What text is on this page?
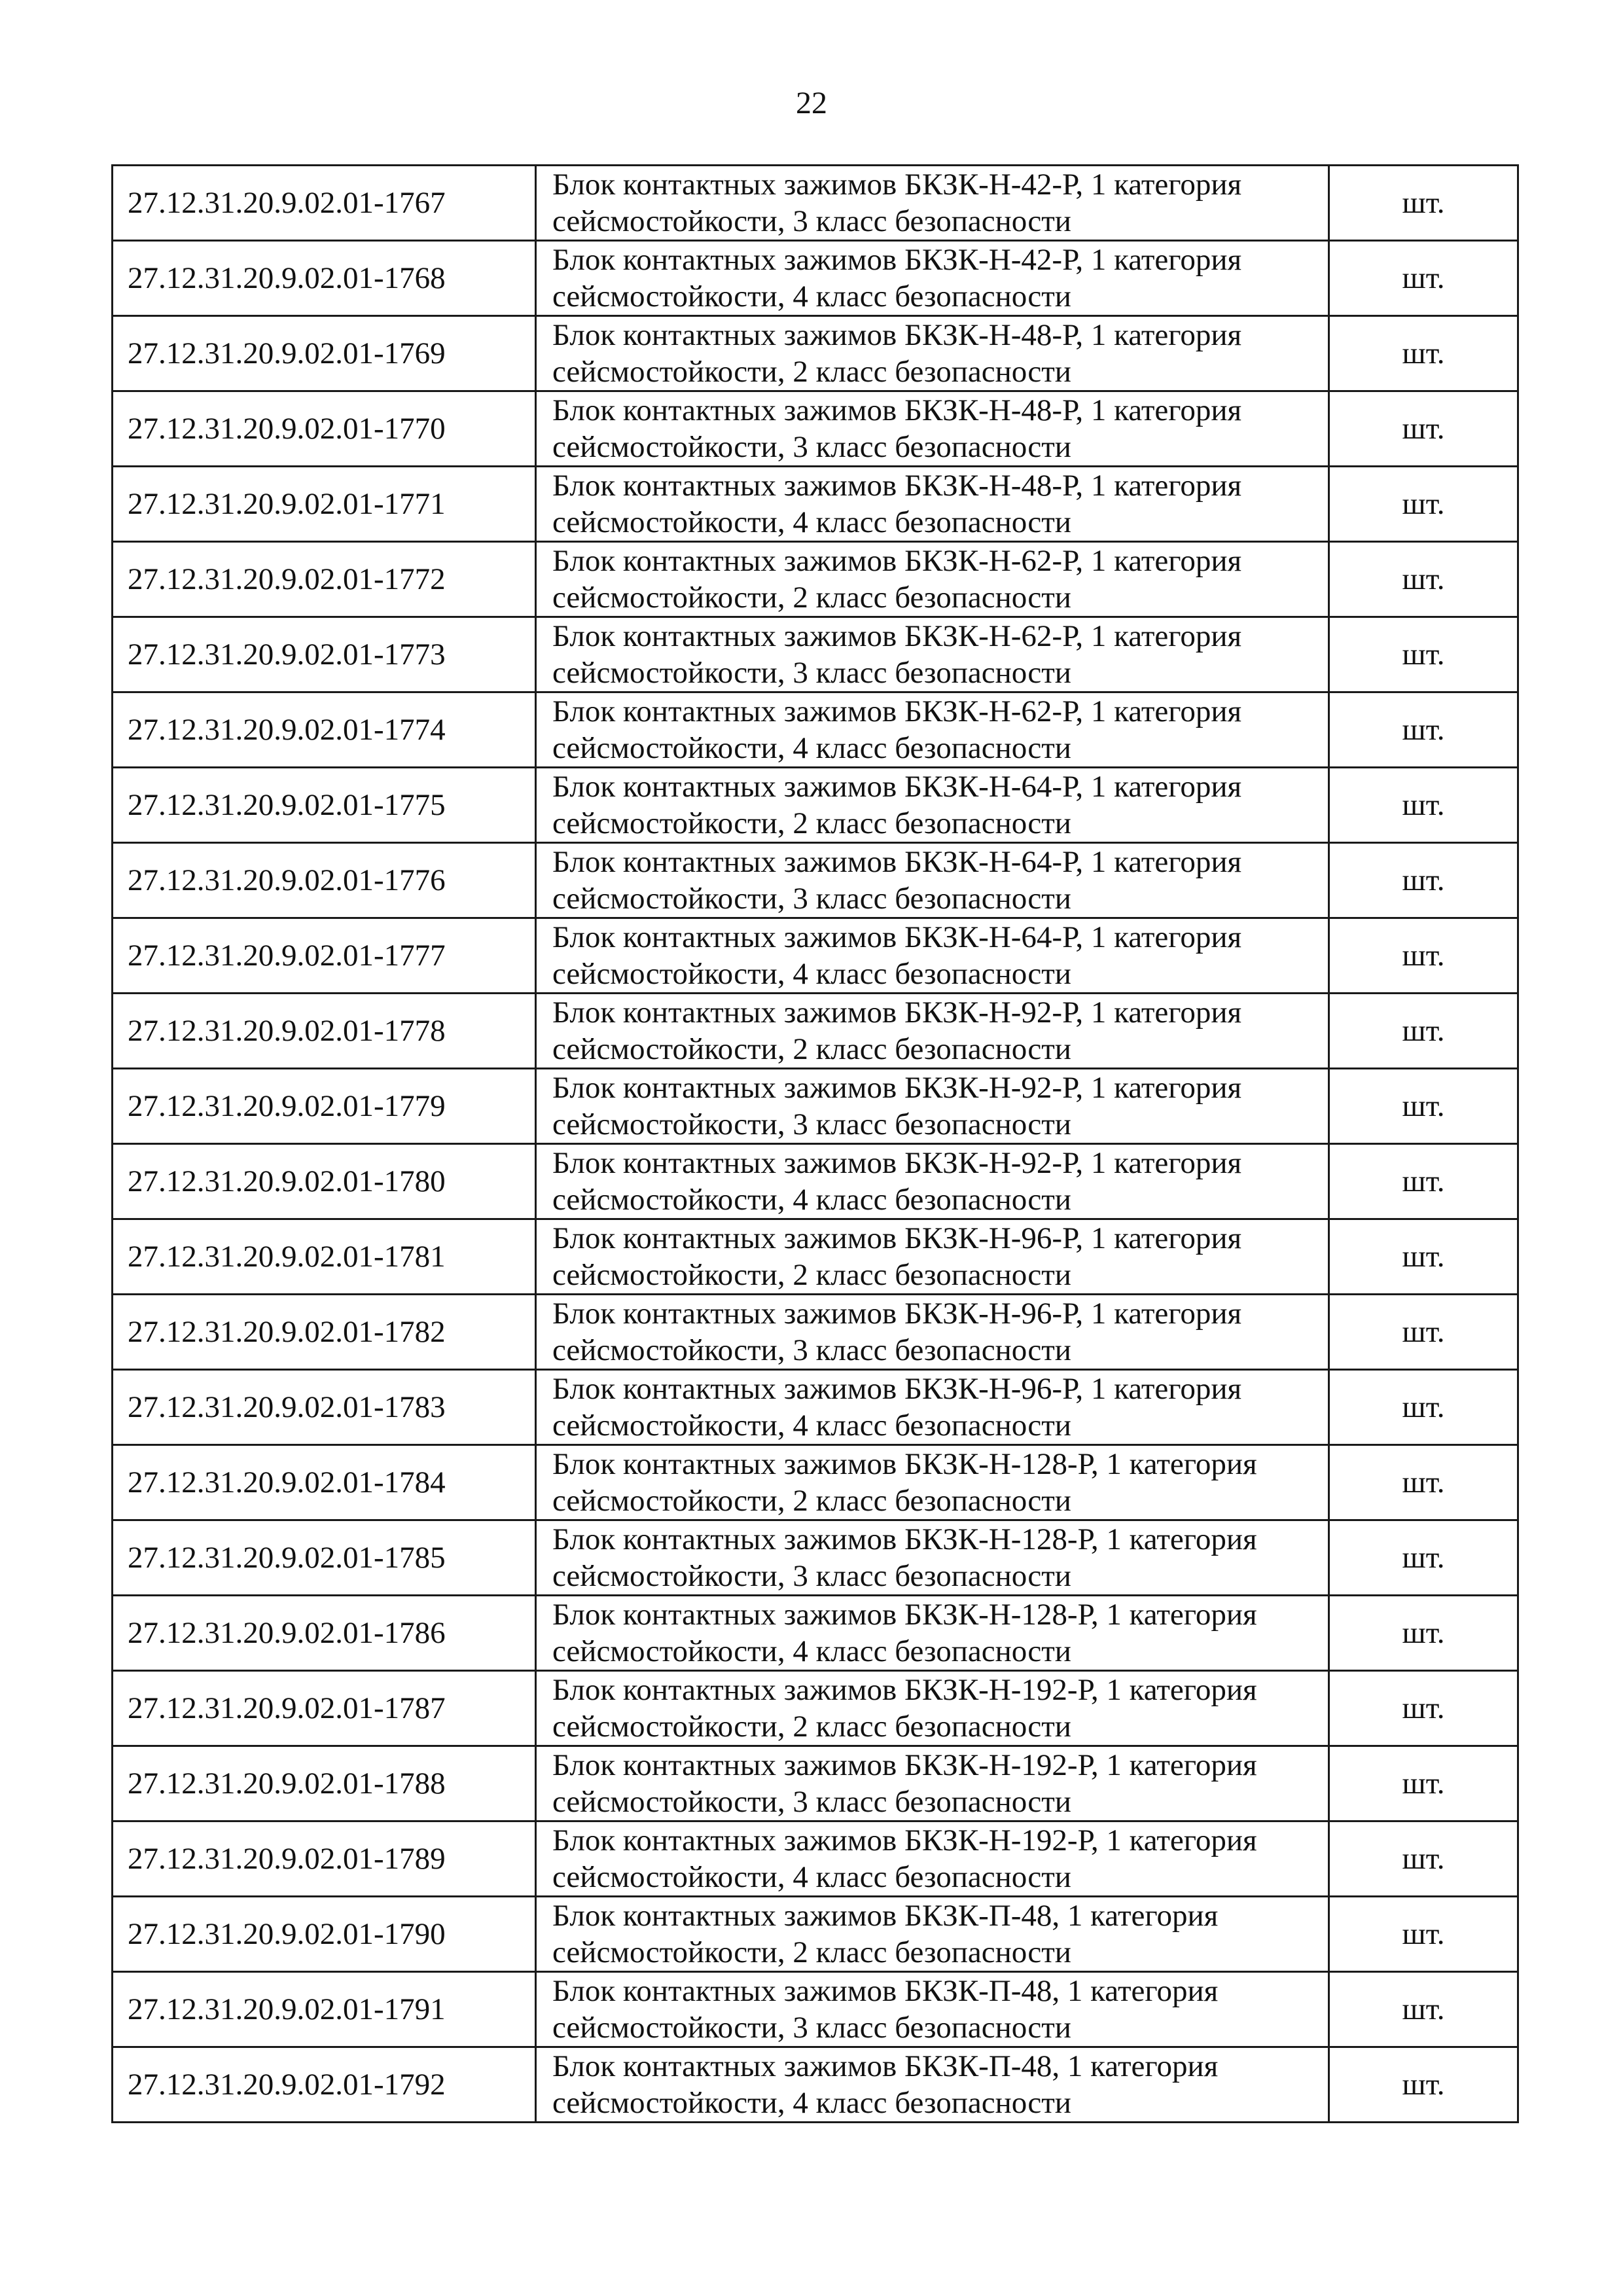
22
27.12.31.20.9.02.01-1767	Блок контактных зажимов БКЗК-Н-42-Р, 1 категория
сейсмостойкости, 3 класс безопасности	шт.
27.12.31.20.9.02.01-1768	Блок контактных зажимов БКЗК-Н-42-Р, 1 категория
сейсмостойкости, 4 класс безопасности	шт.
27.12.31.20.9.02.01-1769	Блок контактных зажимов БКЗК-Н-48-Р, 1 категория
сейсмостойкости, 2 класс безопасности	шт.
27.12.31.20.9.02.01-1770	Блок контактных зажимов БКЗК-Н-48-Р, 1 категория
сейсмостойкости, 3 класс безопасности	шт.
27.12.31.20.9.02.01-1771	Блок контактных зажимов БКЗК-Н-48-Р, 1 категория
сейсмостойкости, 4 класс безопасности	шт.
27.12.31.20.9.02.01-1772	Блок контактных зажимов БКЗК-Н-62-Р, 1 категория
сейсмостойкости, 2 класс безопасности	шт.
27.12.31.20.9.02.01-1773	Блок контактных зажимов БКЗК-Н-62-Р, 1 категория
сейсмостойкости, 3 класс безопасности	шт.
27.12.31.20.9.02.01-1774	Блок контактных зажимов БКЗК-Н-62-Р, 1 категория
сейсмостойкости, 4 класс безопасности	шт.
27.12.31.20.9.02.01-1775	Блок контактных зажимов БКЗК-Н-64-Р, 1 категория
сейсмостойкости, 2 класс безопасности	шт.
27.12.31.20.9.02.01-1776	Блок контактных зажимов БКЗК-Н-64-Р, 1 категория
сейсмостойкости, 3 класс безопасности	шт.
27.12.31.20.9.02.01-1777	Блок контактных зажимов БКЗК-Н-64-Р, 1 категория
сейсмостойкости, 4 класс безопасности	шт.
27.12.31.20.9.02.01-1778	Блок контактных зажимов БКЗК-Н-92-Р, 1 категория
сейсмостойкости, 2 класс безопасности	шт.
27.12.31.20.9.02.01-1779	Блок контактных зажимов БКЗК-Н-92-Р, 1 категория
сейсмостойкости, 3 класс безопасности	шт.
27.12.31.20.9.02.01-1780	Блок контактных зажимов БКЗК-Н-92-Р, 1 категория
сейсмостойкости, 4 класс безопасности	шт.
27.12.31.20.9.02.01-1781	Блок контактных зажимов БКЗК-Н-96-Р, 1 категория
сейсмостойкости, 2 класс безопасности	шт.
27.12.31.20.9.02.01-1782	Блок контактных зажимов БКЗК-Н-96-Р, 1 категория
сейсмостойкости, 3 класс безопасности	шт.
27.12.31.20.9.02.01-1783	Блок контактных зажимов БКЗК-Н-96-Р, 1 категория
сейсмостойкости, 4 класс безопасности	шт.
27.12.31.20.9.02.01-1784	Блок контактных зажимов БКЗК-Н-128-Р, 1 категория
сейсмостойкости, 2 класс безопасности	шт.
27.12.31.20.9.02.01-1785	Блок контактных зажимов БКЗК-Н-128-Р, 1 категория
сейсмостойкости, 3 класс безопасности	шт.
27.12.31.20.9.02.01-1786	Блок контактных зажимов БКЗК-Н-128-Р, 1 категория
сейсмостойкости, 4 класс безопасности	шт.
27.12.31.20.9.02.01-1787	Блок контактных зажимов БКЗК-Н-192-Р, 1 категория
сейсмостойкости, 2 класс безопасности	шт.
27.12.31.20.9.02.01-1788	Блок контактных зажимов БКЗК-Н-192-Р, 1 категория
сейсмостойкости, 3 класс безопасности	шт.
27.12.31.20.9.02.01-1789	Блок контактных зажимов БКЗК-Н-192-Р, 1 категория
сейсмостойкости, 4 класс безопасности	шт.
27.12.31.20.9.02.01-1790	Блок контактных зажимов БКЗК-П-48, 1 категория
сейсмостойкости, 2 класс безопасности	шт.
27.12.31.20.9.02.01-1791	Блок контактных зажимов БКЗК-П-48, 1 категория
сейсмостойкости, 3 класс безопасности	шт.
27.12.31.20.9.02.01-1792	Блок контактных зажимов БКЗК-П-48, 1 категория
сейсмостойкости, 4 класс безопасности	шт.
